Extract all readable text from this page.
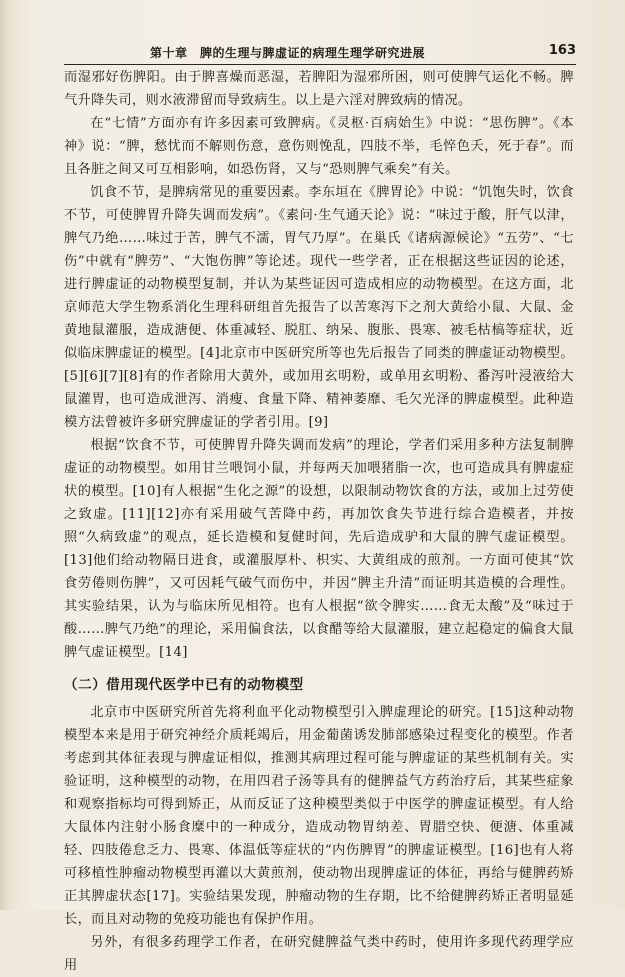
第十章　脾的生理与脾虚证的病理生理学研究进展	163

而湿邪好伤脾阳。由于脾喜燥而恶湿，若脾阳为湿邪所困，则可使脾气运化不畅。脾气升降失司，则水液滞留而导致病生。以上是六淫对脾致病的情况。

在“七情”方面亦有许多因素可致脾病。《灵枢·百病始生》中说：“思伤脾”。《本神》说：“脾，愁忧而不解则伤意，意伤则悗乱，四肢不举，毛悴色夭，死于春”。而且各脏之间又可互相影响，如恐伤肾，又与“恐则脾气乘矣”有关。

饥食不节，是脾病常见的重要因素。李东垣在《脾胃论》中说：“饥饱失时，饮食不节，可使脾胃升降失调而发病”。《素问·生气通天论》说：“味过于酸，肝气以津，脾气乃绝……味过于苦，脾气不濡，胃气乃厚”。在巢氏《诸病源候论》“五劳”、“七伤”中就有“脾劳”、“大饱伤脾”等论述。现代一些学者，正在根据这些证因的论述，进行脾虚证的动物模型复制，并认为某些证因可造成相应的动物模型。在这方面，北京师范大学生物系消化生理科研组首先报告了以苦寒泻下之剂大黄给小鼠、大鼠、金黄地鼠灌服，造成溏便、体重减轻、脱肛、纳呆、腹胀、畏寒、被毛枯槁等症状，近似临床脾虚证的模型。[4]北京市中医研究所等也先后报告了同类的脾虚证动物模型。[5][6][7][8]有的作者除用大黄外，或加用玄明粉，或单用玄明粉、番泻叶浸液给大鼠灌胃，也可造成泄泻、消瘦、食量下降、精神萎靡、毛欠光泽的脾虚模型。此种造模方法曾被许多研究脾虚证的学者引用。[9]

根据“饮食不节，可使脾胃升降失调而发病”的理论，学者们采用多种方法复制脾虚证的动物模型。如用甘兰喂饲小鼠，并每两天加喂猪脂一次，也可造成具有脾虚症状的模型。[10]有人根据“生化之源”的设想，以限制动物饮食的方法，或加上过劳使之致虚。[11][12]亦有采用破气苦降中药，再加饮食失节进行综合造模者，并按照“久病致虚”的观点，延长造模和复健时间，先后造成驴和大鼠的脾气虚证模型。[13]他们给动物隔日进食，或灌服厚朴、枳实、大黄组成的煎剂。一方面可使其“饮食劳倦则伤脾”，又可因耗气破气而伤中，并因“脾主升清”而证明其造模的合理性。其实验结果，认为与临床所见相符。也有人根据“欲令脾实……食无太酸”及“味过于酸……脾气乃绝”的理论，采用偏食法，以食醋等给大鼠灌服，建立起稳定的偏食大鼠脾气虚证模型。[14]

（二）借用现代医学中已有的动物模型

北京市中医研究所首先将利血平化动物模型引入脾虚理论的研究。[15]这种动物模型本来是用于研究神经介质耗竭后，用金葡菌诱发肺部感染过程变化的模型。作者考虑到其体征表现与脾虚证相似，推测其病理过程可能与脾虚证的某些机制有关。实验证明，这种模型的动物，在用四君子汤等具有的健脾益气方药治疗后，其某些症象和观察指标均可得到矫正，从而反证了这种模型类似于中医学的脾虚证模型。有人给大鼠体内注射小肠食糜中的一种成分，造成动物胃纳差、胃腊空快、便溏、体重减轻、四肢倦怠乏力、畏寒、体温低等症状的“内伤脾胃”的脾虚证模型。[16]也有人将可移植性肿瘤动物模型再灌以大黄煎剂，使动物出现脾虚证的体征，再给与健脾药矫正其脾虚状态[17]。实验结果发现，肿瘤动物的生存期，比不给健脾药矫正者明显延长，而且对动物的免疫功能也有保护作用。

另外，有很多药理学工作者，在研究健脾益气类中药时，使用许多现代药理学应用
